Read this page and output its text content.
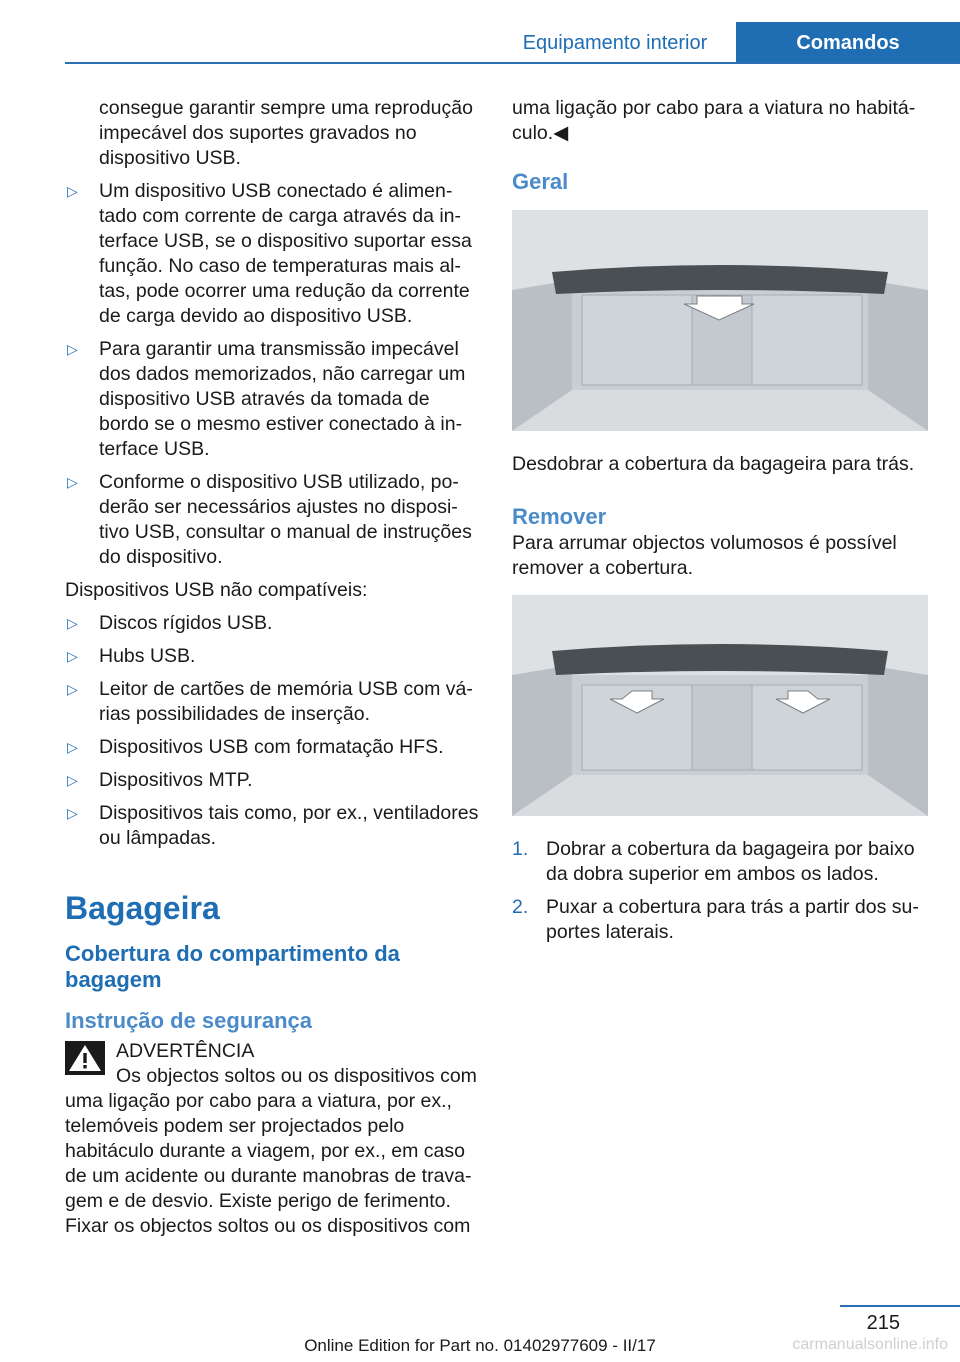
Equipamento interior	Comandos

consegue garantir sempre uma reprodução impecável dos suportes gravados no dispositivo USB.

▷ Um dispositivo USB conectado é alimentado com corrente de carga através da interface USB, se o dispositivo suportar essa função. No caso de temperaturas mais altas, pode ocorrer uma redução da corrente de carga devido ao dispositivo USB.
▷ Para garantir uma transmissão impecável dos dados memorizados, não carregar um dispositivo USB através da tomada de bordo se o mesmo estiver conectado à interface USB.
▷ Conforme o dispositivo USB utilizado, poderão ser necessários ajustes no dispositivo USB, consultar o manual de instruções do dispositivo.

Dispositivos USB não compatíveis:

▷ Discos rígidos USB.
▷ Hubs USB.
▷ Leitor de cartões de memória USB com várias possibilidades de inserção.
▷ Dispositivos USB com formatação HFS.
▷ Dispositivos MTP.
▷ Dispositivos tais como, por ex., ventiladores ou lâmpadas.
Bagageira
Cobertura do compartimento da bagagem
Instrução de segurança
ADVERTÊNCIA
Os objectos soltos ou os dispositivos com uma ligação por cabo para a viatura, por ex., telemóveis podem ser projectados pelo habitáculo durante a viagem, por ex., em caso de um acidente ou durante manobras de travagem e de desvio. Existe perigo de ferimento. Fixar os objectos soltos ou os dispositivos com

uma ligação por cabo para a viatura no habitáculo.◀

Geral

Desdobrar a cobertura da bagageira para trás.

Remover

Para arrumar objectos volumosos é possível remover a cobertura.

1. Dobrar a cobertura da bagageira por baixo da dobra superior em ambos os lados.
2. Puxar a cobertura para trás a partir dos suportes laterais.
215
Online Edition for Part no. 01402977609 - II/17	carmanualsonline.info
